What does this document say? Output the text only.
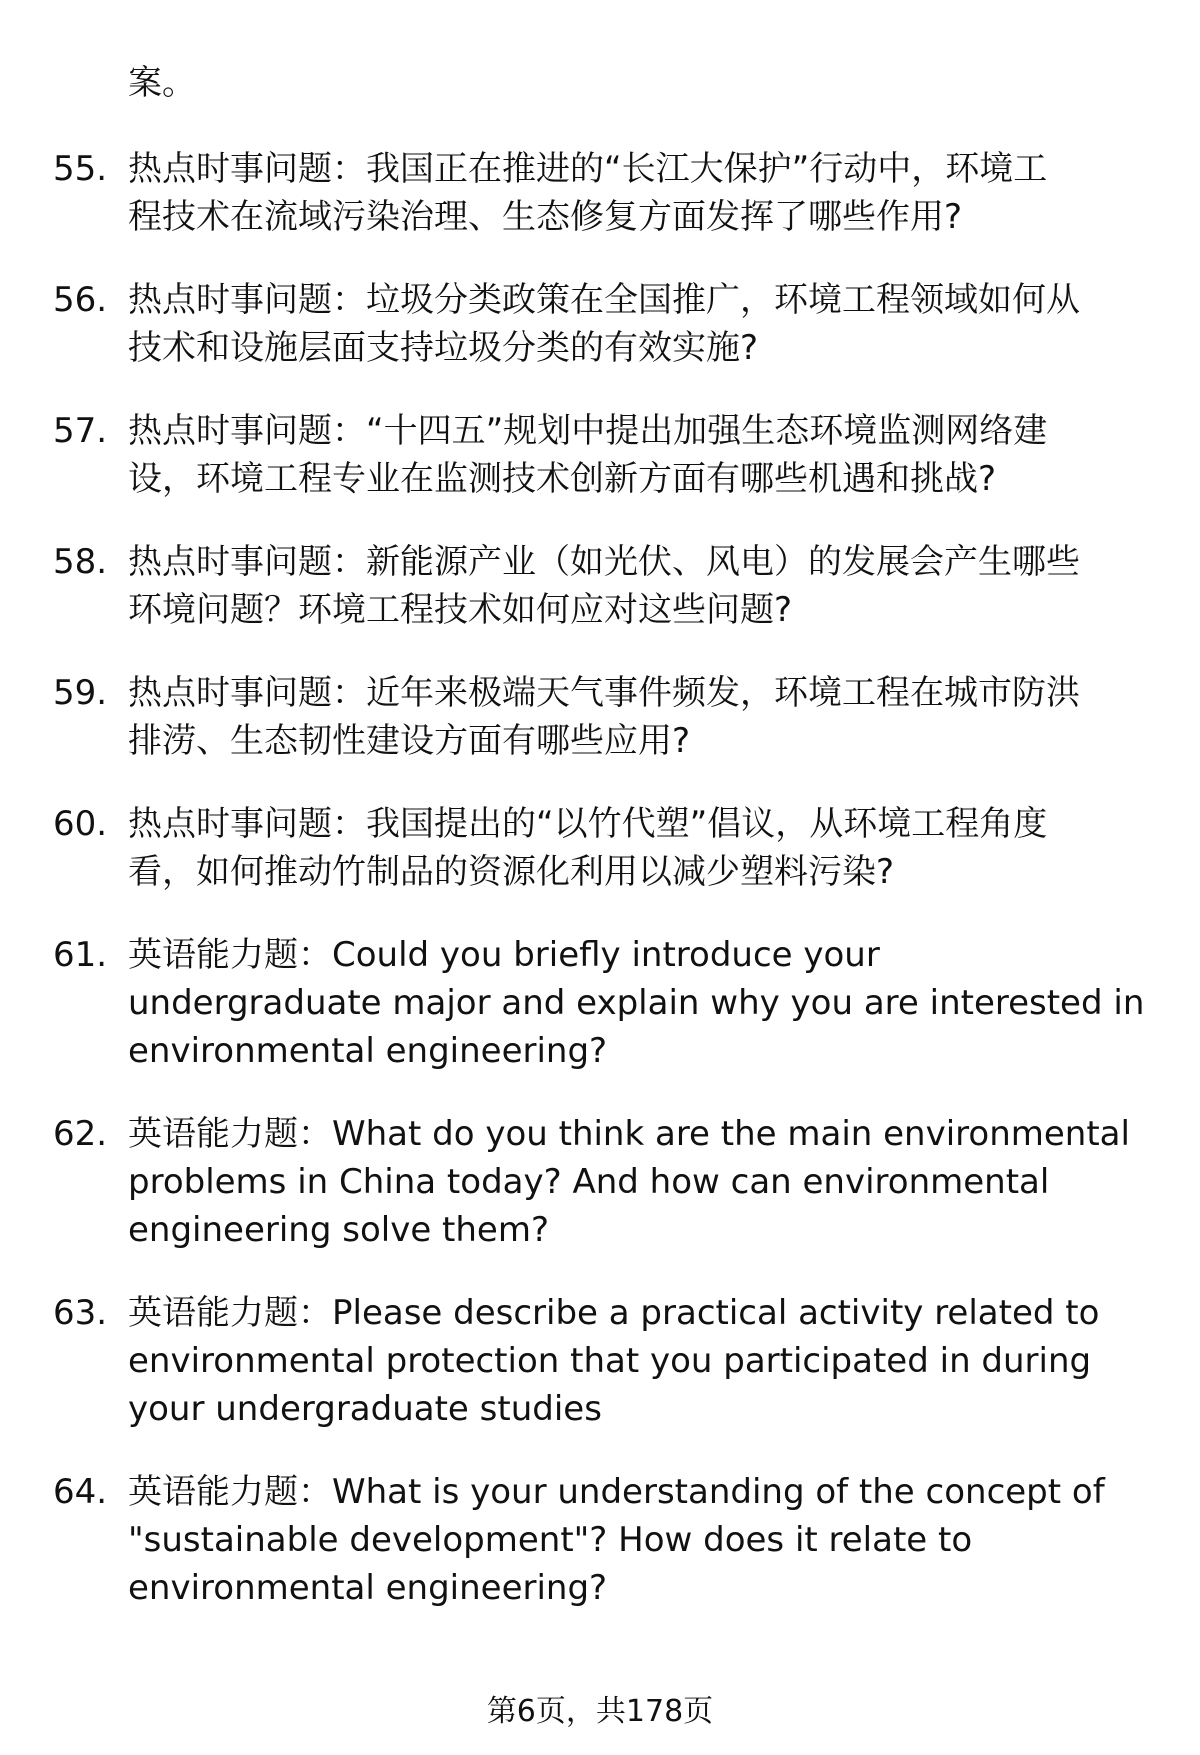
案。
55. 热点时事问题：我国正在推进的“长江大保护”行动中，环境工
程技术在流域污染治理、生态修复方面发挥了哪些作用?
56. 热点时事问题：垃圾分类政策在全国推广，环境工程领域如何从
技术和设施层面支持垃圾分类的有效实施?
57. 热点时事问题：“十四五”规划中提出加强生态环境监测网络建
设，环境工程专业在监测技术创新方面有哪些机遇和挑战?
58. 热点时事问题：新能源产业（如光伏、风电）的发展会产生哪些
环境问题？环境工程技术如何应对这些问题?
59. 热点时事问题：近年来极端天气事件频发，环境工程在城市防洪
排涝、生态韧性建设方面有哪些应用?
60. 热点时事问题：我国提出的“以竹代塑”倡议，从环境工程角度
看，如何推动竹制品的资源化利用以减少塑料污染?
61. 英语能力题：Could you briefly introduce your
undergraduate major and explain why you are interested in
environmental engineering?
62. 英语能力题：What do you think are the main environmental
problems in China today? And how can environmental
engineering solve them?
63. 英语能力题：Please describe a practical activity related to
environmental protection that you participated in during
your undergraduate studies
64. 英语能力题：What is your understanding of the concept of
"sustainable development"? How does it relate to
environmental engineering?
第6页，共178页
